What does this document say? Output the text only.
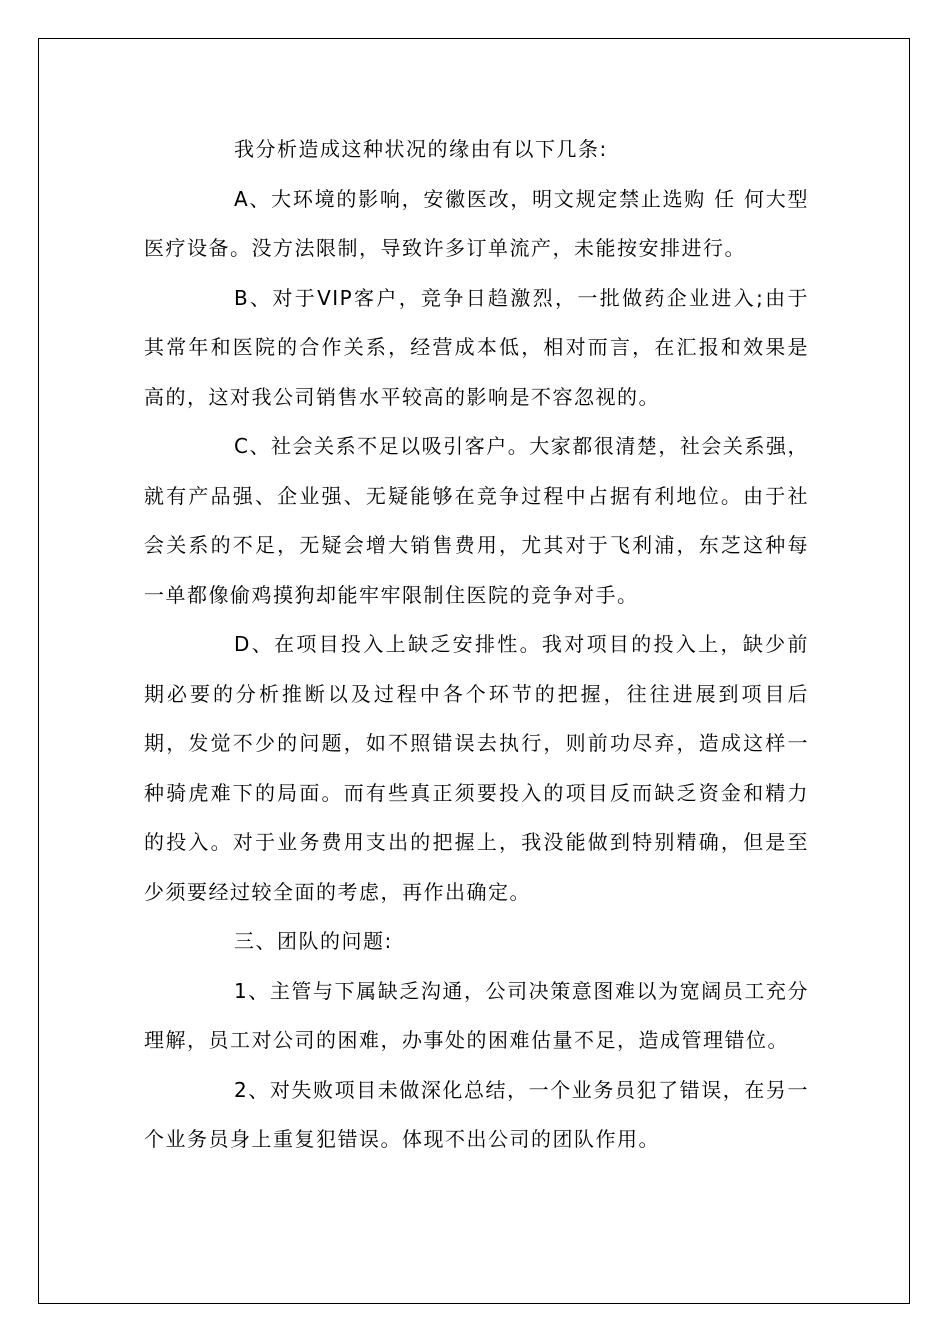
我分析造成这种状况的缘由有以下几条:

A、大环境的影响，安徽医改，明文规定禁止选购 任 何大型医疗设备。没方法限制，导致许多订单流产，未能按安排进行。

B、对于VIP客户，竞争日趋激烈，一批做药企业进入;由于其常年和医院的合作关系，经营成本低，相对而言，在汇报和效果是高的，这对我公司销售水平较高的影响是不容忽视的。

C、社会关系不足以吸引客户。大家都很清楚，社会关系强，就有产品强、企业强、无疑能够在竞争过程中占据有利地位。由于社会关系的不足，无疑会增大销售费用，尤其对于飞利浦，东芝这种每一单都像偷鸡摸狗却能牢牢限制住医院的竞争对手。

D、在项目投入上缺乏安排性。我对项目的投入上，缺少前期必要的分析推断以及过程中各个环节的把握，往往进展到项目后期，发觉不少的问题，如不照错误去执行，则前功尽弃，造成这样一种骑虎难下的局面。而有些真正须要投入的项目反而缺乏资金和精力的投入。对于业务费用支出的把握上，我没能做到特别精确，但是至少须要经过较全面的考虑，再作出确定。

三、团队的问题:

1、主管与下属缺乏沟通，公司决策意图难以为宽阔员工充分理解，员工对公司的困难，办事处的困难估量不足，造成管理错位。

2、对失败项目未做深化总结，一个业务员犯了错误，在另一个业务员身上重复犯错误。体现不出公司的团队作用。
